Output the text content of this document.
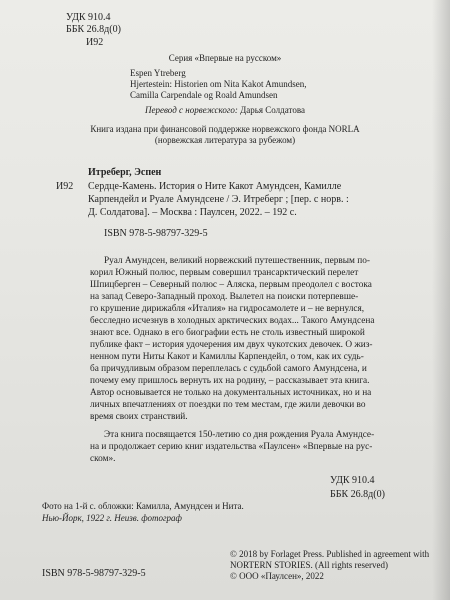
УДК 910.4
ББК 26.8д(0)
И92
Серия «Впервые на русском»
Espen Ytreberg
Hjertestein: Historien om Nita Kakot Amundsen,
Camilla Carpendale og Roald Amundsen
Перевод с норвежского: Дарья Солдатова
Книга издана при финансовой поддержке норвежского фонда NORLA
(норвежская литература за рубежом)
Итреберг, Эспен
И92 Сердце-Камень. История о Ните Какот Амундсен, Камилле
Карпендейл и Руале Амундсене / Э. Итреберг ; [пер. с норв. :
Д. Солдатова]. – Москва : Паулсен, 2022. – 192 с.
ISBN 978-5-98797-329-5
Руал Амундсен, великий норвежский путешественник, первым по-
корил Южный полюс, первым совершил трансарктический перелет
Шпицберген – Северный полюс – Аляска, первым преодолел с востока
на запад Северо-Западный проход. Вылетел на поиски потерпевше-
го крушение дирижабля «Италия» на гидросамолете и – не вернулся,
бесследно исчезнув в холодных арктических водах... Такого Амундсена
знают все. Однако в его биографии есть не столь известный широкой
публике факт – история удочерения им двух чукотских девочек. О жиз-
ненном пути Ниты Какот и Камиллы Карпендейл, о том, как их судь-
ба причудливым образом переплелась с судьбой самого Амундсена, и
почему ему пришлось вернуть их на родину, – рассказывает эта книга.
Автор основывается не только на документальных источниках, но и на
личных впечатлениях от поездки по тем местам, где жили девочки во
время своих странствий.
Эта книга посвящается 150-летию со дня рождения Руала Амундсе-
на и продолжает серию книг издательства «Паулсен» «Впервые на рус-
ском».
УДК 910.4
ББК 26.8д(0)
Фото на 1-й с. обложки: Камилла, Амундсен и Нита.
Нью-Йорк, 1922 г. Неизв. фотограф
ISBN 978-5-98797-329-5
© 2018 by Forlaget Press. Published in agreement with
NORTERN STORIES. (All rights reserved)
© ООО «Паулсен», 2022
